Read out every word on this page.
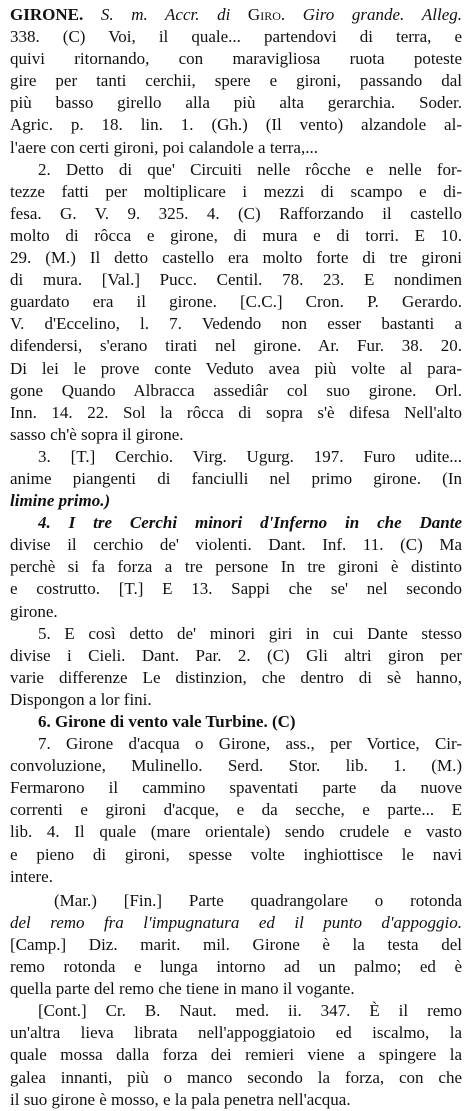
GIRONE. S. m. Accr. di Giro. Giro grande. Alleg.
338. (C) Voi, il quale... partendovi di terra, e
quivi ritornando, con maravigliosa ruota poteste
gire per tanti cerchii, spere e gironi, passando dal
più basso girello alla più alta gerarchia. Soder.
Agric. p. 18. lin. 1. (Gh.) (Il vento) alzandole al-
l'aere con certi gironi, poi calandole a terra,...
2. Detto di que' Circuiti nelle rôcche e nelle for-
tezze fatti per moltiplicare i mezzi di scampo e di-
fesa. G. V. 9. 325. 4. (C) Rafforzando il castello
molto di rôcca e girone, di mura e di torri. E 10.
29. (M.) Il detto castello era molto forte di tre gironi
di mura. [Val.] Pucc. Centil. 78. 23. E nondimen
guardato era il girone. [C.C.] Cron. P. Gerardo.
V. d'Eccelino, l. 7. Vedendo non esser bastanti a
difendersi, s'erano tirati nel girone. Ar. Fur. 38. 20.
Di lei le prove conte Veduto avea più volte al para-
gone Quando Albracca assediâr col suo girone. Orl.
Inn. 14. 22. Sol la rôcca di sopra s'è difesa Nell'alto
sasso ch'è sopra il girone.
3. [T.] Cerchio. Virg. Ugurg. 197. Furo udite...
anime piangenti di fanciulli nel primo girone. (In
limine primo.)
4. I tre Cerchi minori d'Inferno in che Dante
divise il cerchio de' violenti. Dant. Inf. 11. (C) Ma
perchè si fa forza a tre persone In tre gironi è distinto
e costrutto. [T.] E 13. Sappi che se' nel secondo
girone.
5. E così detto de' minori giri in cui Dante stesso
divise i Cieli. Dant. Par. 2. (C) Gli altri giron per
varie differenze Le distinzion, che dentro di sè hanno,
Dispongon a lor fini.
6. Girone di vento vale Turbine. (C)
7. Girone d'acqua o Girone, ass., per Vortice, Cir-
convoluzione, Mulinello. Serd. Stor. lib. 1. (M.)
Fermarono il cammino spaventati parte da nuove
correnti e gironi d'acque, e da secche, e parte... E
lib. 4. Il quale (mare orientale) sendo crudele e vasto
e pieno di gironi, spesse volte inghiottisce le navi
intere.
(Mar.) [Fin.] Parte quadrangolare o rotonda
del remo fra l'impugnatura ed il punto d'appoggio.
[Camp.] Diz. marit. mil. Girone è la testa del
remo rotonda e lunga intorno ad un palmo; ed è
quella parte del remo che tiene in mano il vogante.
[Cont.] Cr. B. Naut. med. ii. 347. È il remo
un'altra lieva librata nell'appoggiatoio ed iscalmo, la
quale mossa dalla forza dei remieri viene a spingere la
galea innanti, più o manco secondo la forza, con che
il suo girone è mosso, e la pala penetra nell'acqua.
